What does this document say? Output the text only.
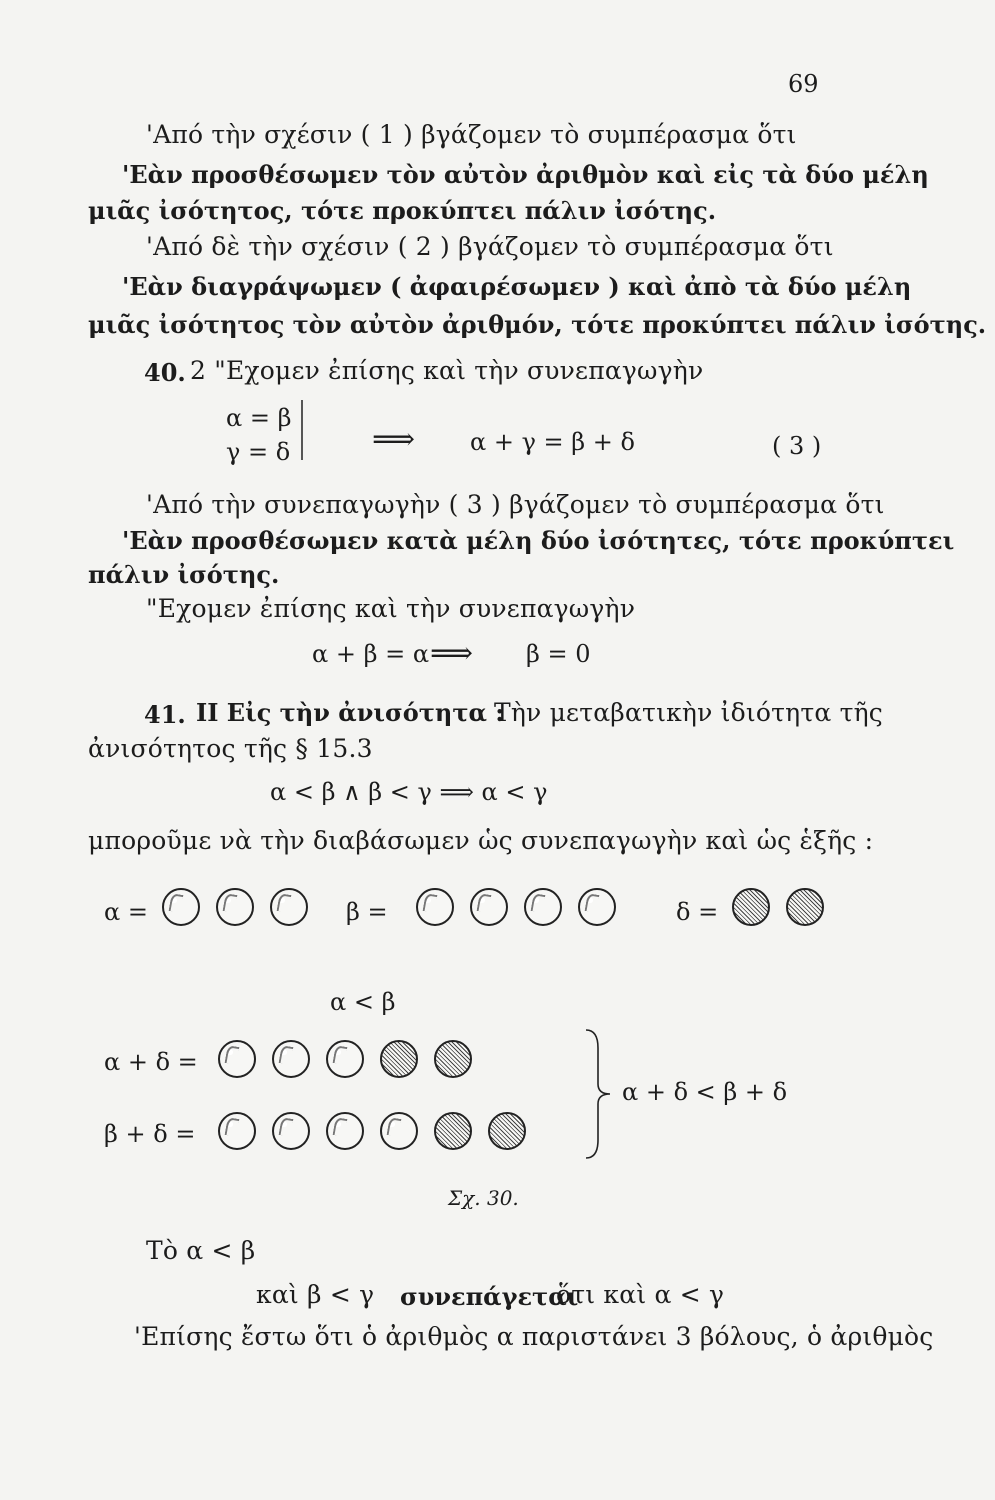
69
'Από τὴν σχέσιν ( 1 ) βγάζομεν τὸ συμπέρασμα ὅτι
'Εὰν προσθέσωμεν τὸν αὐτὸν ἀριθμὸν καὶ εἰς τὰ δύο μέλη
μιᾶς ἰσότητος, τότε προκύπτει πάλιν ἰσότης.
'Από δὲ τὴν σχέσιν ( 2 ) βγάζομεν τὸ συμπέρασμα ὅτι
'Εὰν διαγράψωμεν ( ἀφαιρέσωμεν ) καὶ ἀπὸ τὰ δύο μέλη
μιᾶς ἰσότητος τὸν αὐτὸν ἀριθμόν, τότε προκύπτει πάλιν ἰσότης.
40. 2 "Εχομεν ἐπίσης καὶ τὴν συνεπαγωγὴν
α = β
γ = δ	⟹ α + γ = β + δ	( 3 )
'Από τὴν συνεπαγωγὴν ( 3 ) βγάζομεν τὸ συμπέρασμα ὅτι
'Εὰν προσθέσωμεν κατὰ μέλη δύο ἰσότητες, τότε προκύπτει
πάλιν ἰσότης.
"Εχομεν ἐπίσης καὶ τὴν συνεπαγωγὴν
α + β = α ⟹ β = 0
41. II Εἰς τὴν ἀνισότητα :
Τὴν μεταβατικὴν ἰδιότητα τῆς
ἀνισότητος τῆς § 15.3
α < β ∧ β < γ ⟹ α < γ
μποροῦμε νὰ τὴν διαβάσωμεν ὡς συνεπαγωγὴν καὶ ὡς ἑξῆς :
α =	β =	δ =
α < β
α + δ =
β + δ =
α + δ < β + δ
Σχ. 30.
Τὸ α < β
καὶ β < γ συνεπάγεται
ὅτι καὶ α < γ
'Επίσης ἔστω ὅτι ὁ ἀριθμὸς α παριστάνει 3 βόλους, ὁ ἀριθμὸς
